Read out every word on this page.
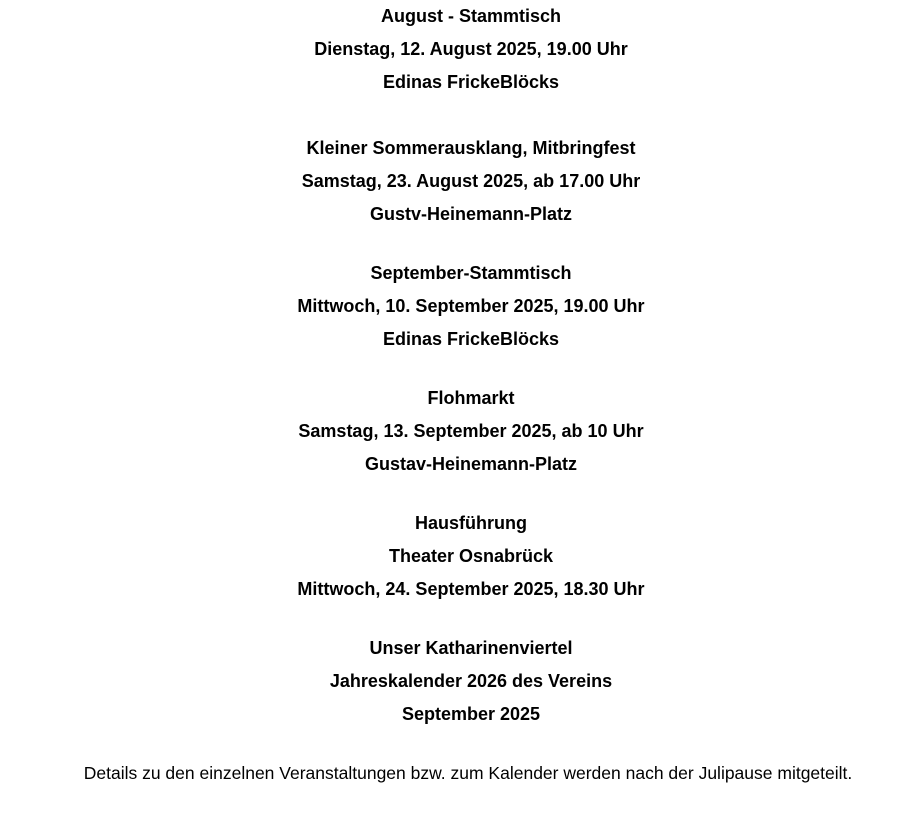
August - Stammtisch
Dienstag, 12. August 2025, 19.00 Uhr
Edinas FrickeBlöcks
Kleiner Sommerausklang, Mitbringfest
Samstag, 23. August 2025, ab 17.00 Uhr
Gustv-Heinemann-Platz
September-Stammtisch
Mittwoch, 10. September 2025, 19.00 Uhr
Edinas FrickeBlöcks
Flohmarkt
Samstag, 13. September 2025, ab 10 Uhr
Gustav-Heinemann-Platz
Hausführung
Theater Osnabrück
Mittwoch, 24. September 2025, 18.30 Uhr
Unser Katharinenviertel
Jahreskalender 2026 des Vereins
September 2025
Details zu den einzelnen Veranstaltungen bzw. zum Kalender werden nach der Julipause mitgeteilt.
